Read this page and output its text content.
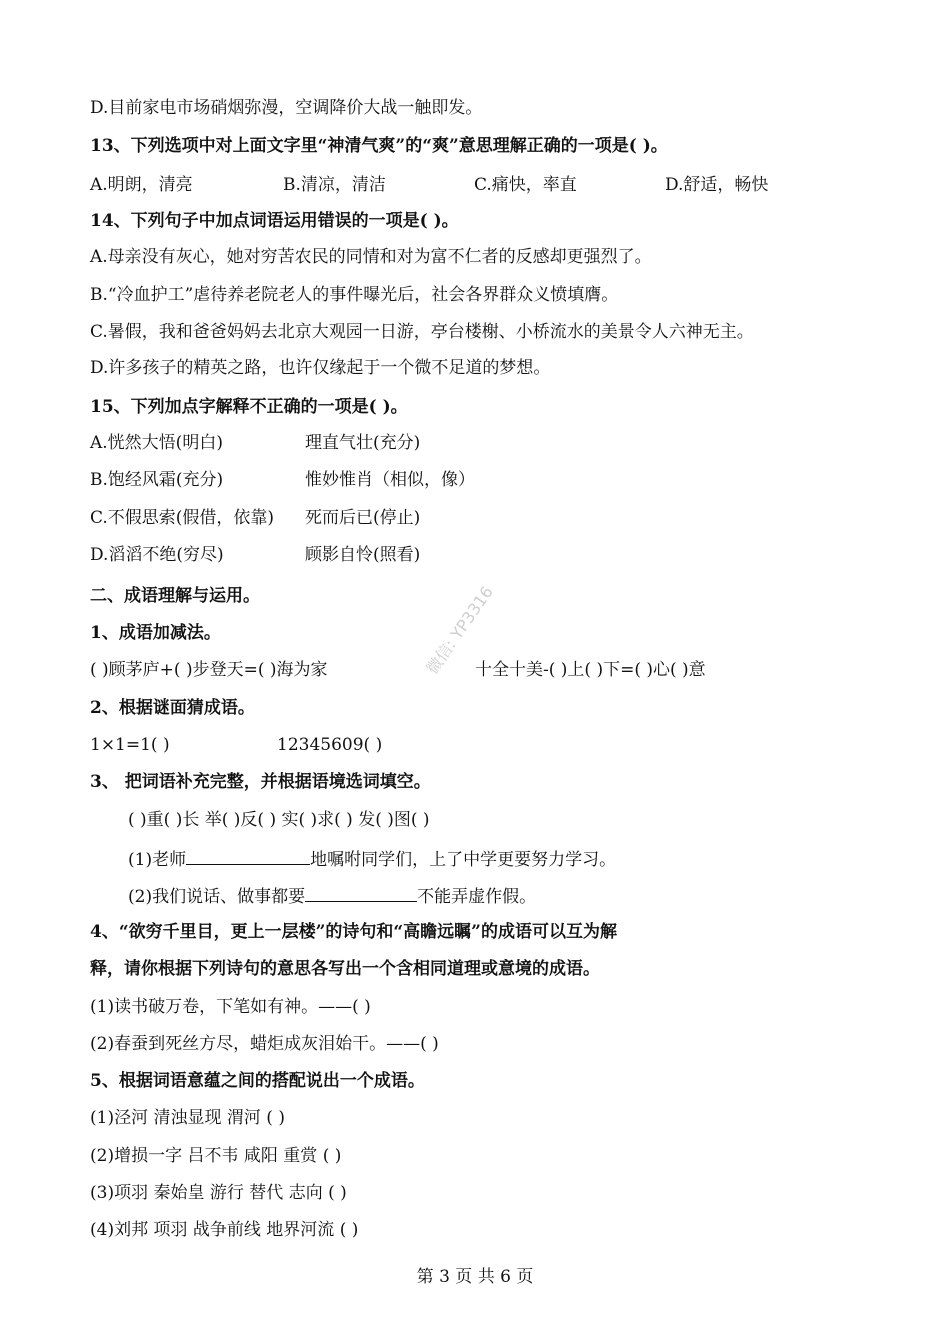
D.目前家电市场硝烟弥漫，空调降价大战一触即发。
13、下列选项中对上面文字里“神清气爽”的“爽”意思理解正确的一项是( )。
A.明朗，清亮	B.清凉，清洁	C.痛快，率直	D.舒适，畅快
14、下列句子中加点词语运用错误的一项是( )。
A.母亲没有灰心，她对穷苦农民的同情和对为富不仁者的反感却更强烈了。
B.“冷血护工”虐待养老院老人的事件曝光后，社会各界群众义愤填膺。
C.暑假，我和爸爸妈妈去北京大观园一日游，亭台楼榭、小桥流水的美景令人六神无主。
D.许多孩子的精英之路，也许仅缘起于一个微不足道的梦想。
15、下列加点字解释不正确的一项是( )。
A.恍然大悟(明白)	理直气壮(充分)
B.饱经风霜(充分)	惟妙惟肖（相似，像）
C.不假思索(假借，依靠) 死而后已(停止)
D.滔滔不绝(穷尽)	顾影自怜(照看)
二、成语理解与运用。
1、成语加减法。
( )顾茅庐+( )步登天=( )海为家	十全十美-( )上( )下=( )心( )意
2、根据谜面猜成语。
1×1=1( )	12345609( )
3、 把词语补充完整，并根据语境选词填空。
( )重( )长 举( )反( ) 实( )求( ) 发( )图( )
(1)老师	地嘱咐同学们，上了中学更要努力学习。
(2)我们说话、做事都要	不能弄虚作假。
4、“欲穷千里目，更上一层楼”的诗句和“高瞻远瞩”的成语可以互为解
释，请你根据下列诗句的意思各写出一个含相同道理或意境的成语。
(1)读书破万卷，下笔如有神。——( )
(2)春蚕到死丝方尽，蜡炬成灰泪始干。——( )
5、根据词语意蕴之间的搭配说出一个成语。
(1)泾河 清浊显现 渭河 ( )
(2)增损一字 吕不韦 咸阳 重赏 ( )
(3)项羽 秦始皇 游行 替代 志向 ( )
(4)刘邦 项羽 战争前线 地界河流 ( )
微信: YP3316
第 3 页 共 6 页
